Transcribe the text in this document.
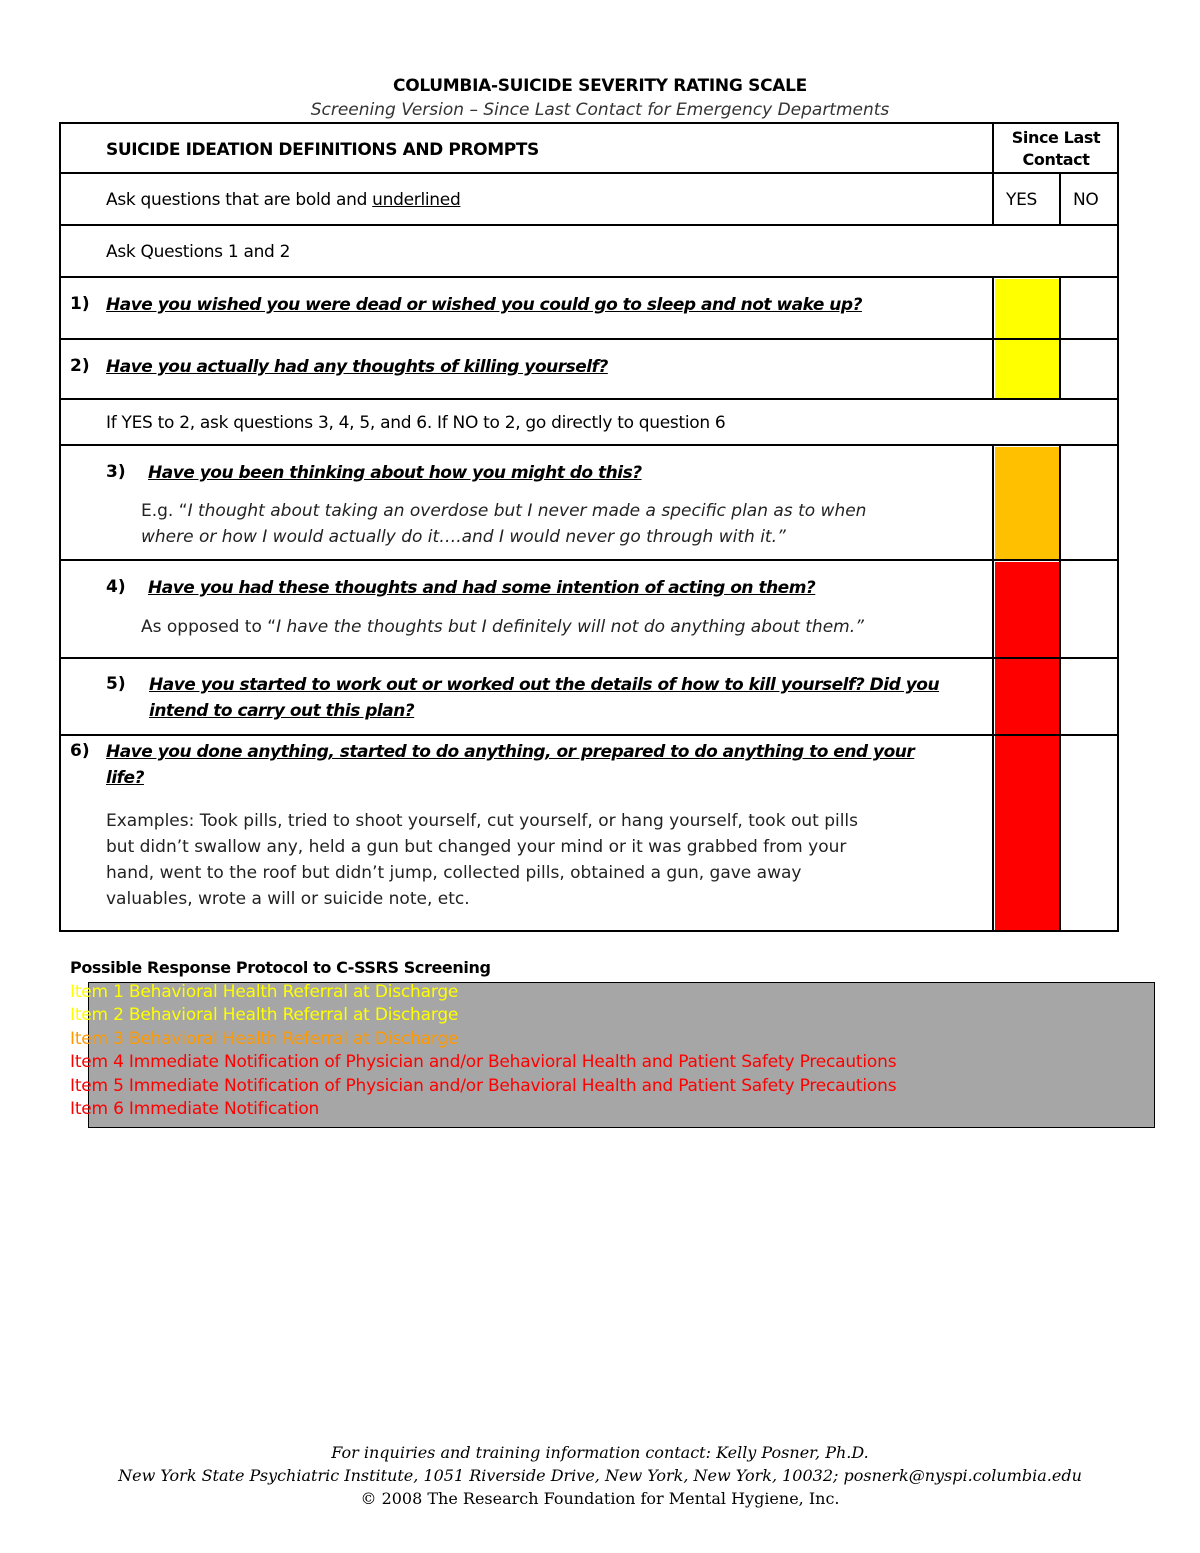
COLUMBIA-SUICIDE SEVERITY RATING SCALE
Screening Version – Since Last Contact for Emergency Departments
SUICIDE IDEATION DEFINITIONS AND PROMPTS
Since Last
Contact
Ask questions that are bold and underlined	YES NO
Ask Questions 1 and 2
1) Have you wished you were dead or wished you could go to sleep and not wake up?
2) Have you actually had any thoughts of killing yourself?
If YES to 2, ask questions 3, 4, 5, and 6. If NO to 2, go directly to question 6
3) Have you been thinking about how you might do this?
E.g. “I thought about taking an overdose but I never made a specific plan as to when
where or how I would actually do it….and I would never go through with it.”
4) Have you had these thoughts and had some intention of acting on them?
As opposed to “I have the thoughts but I definitely will not do anything about them.”
5) Have you started to work out or worked out the details of how to kill yourself? Did you
intend to carry out this plan?
6) Have you done anything, started to do anything, or prepared to do anything to end your
life?
Examples: Took pills, tried to shoot yourself, cut yourself, or hang yourself, took out pills
but didn’t swallow any, held a gun but changed your mind or it was grabbed from your
hand, went to the roof but didn’t jump, collected pills, obtained a gun, gave away
valuables, wrote a will or suicide note, etc.
Possible Response Protocol to C-SSRS Screening
Item 1 Behavioral Health Referral at Discharge
Item 2 Behavioral Health Referral at Discharge
Item 3 Behavioral Health Referral at Discharge
Item 4 Immediate Notification of Physician and/or Behavioral Health and Patient Safety Precautions
Item 5 Immediate Notification of Physician and/or Behavioral Health and Patient Safety Precautions
Item 6 Immediate Notification
For inquiries and training information contact: Kelly Posner, Ph.D.
New York State Psychiatric Institute, 1051 Riverside Drive, New York, New York, 10032; posnerk@nyspi.columbia.edu
© 2008 The Research Foundation for Mental Hygiene, Inc.
